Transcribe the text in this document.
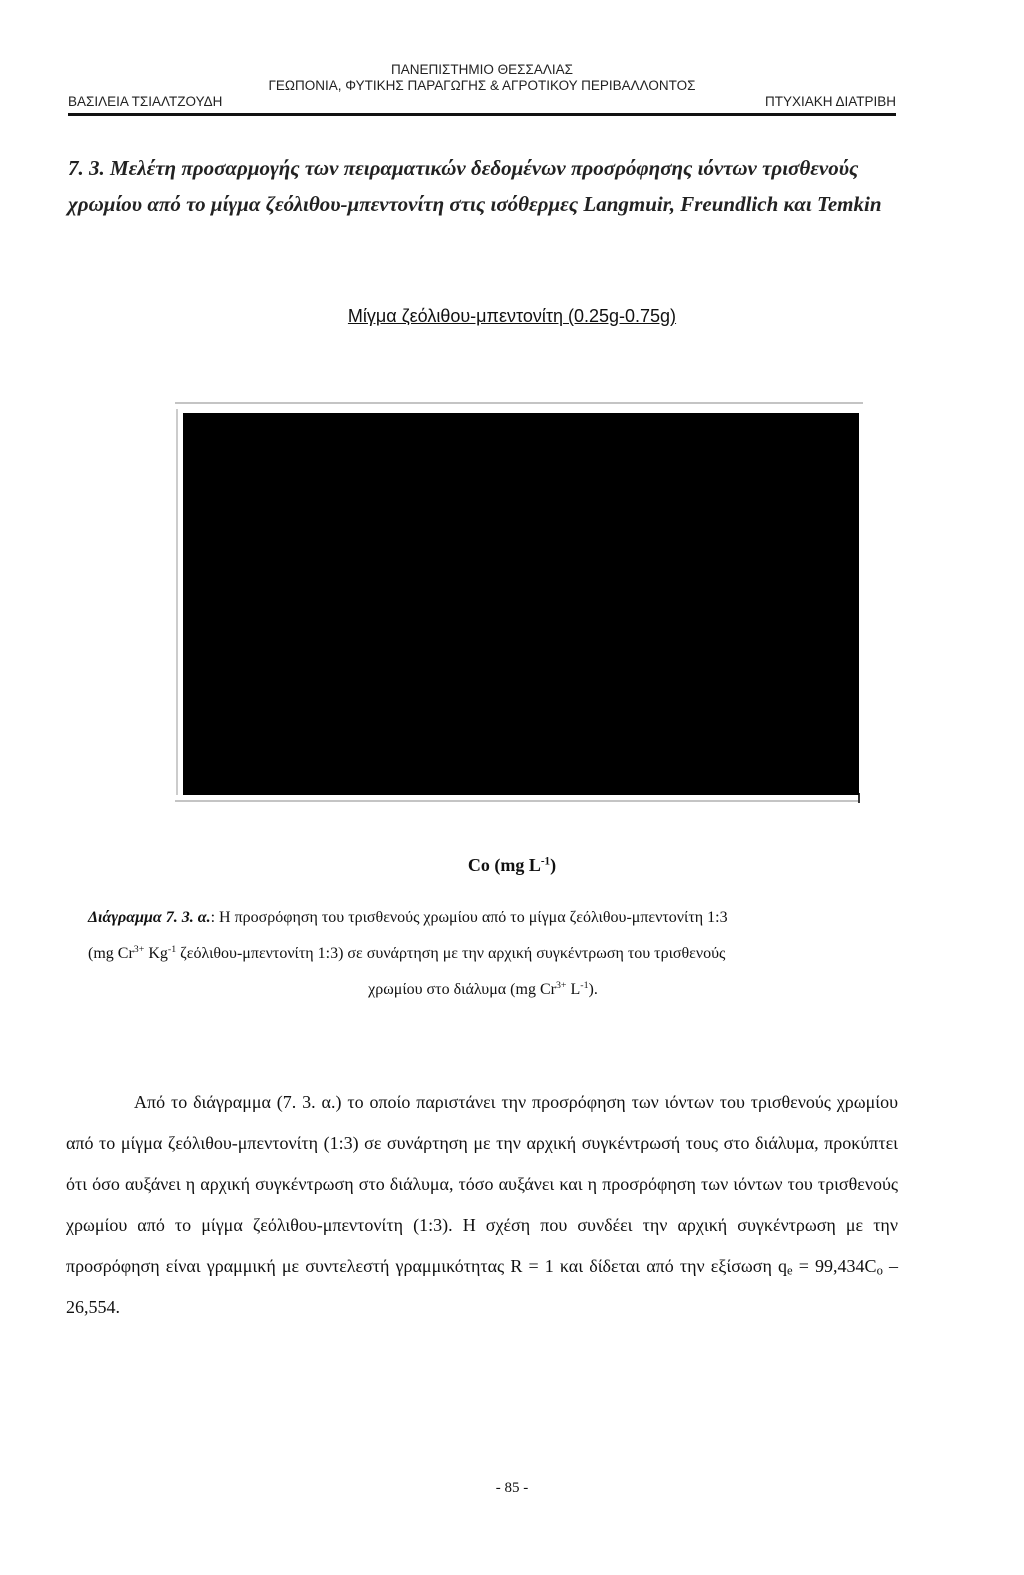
ΠΑΝΕΠΙΣΤΗΜΙΟ ΘΕΣΣΑΛΙΑΣ
ΓΕΩΠΟΝΙΑ, ΦΥΤΙΚΗΣ ΠΑΡΑΓΩΓΗΣ & ΑΓΡΟΤΙΚΟΥ ΠΕΡΙΒΑΛΛΟΝΤΟΣ
ΒΑΣΙΛΕΙΑ ΤΣΙΑΛΤΖΟΥΔΗ	ΠΤΥΧΙΑΚΗ ΔΙΑΤΡΙΒΗ
7. 3. Μελέτη προσαρμογής των πειραματικών δεδομένων προσρόφησης ιόντων τρισθενούς χρωμίου από το μίγμα ζεόλιθου-μπεντονίτη στις ισόθερμες Langmuir, Freundlich και Temkin
Μίγμα ζεόλιθου-μπεντονίτη (0.25g-0.75g)
Co (mg $L^{-1}$)
Διάγραμμα 7. 3. α.: Η προσρόφηση του τρισθενούς χρωμίου από το μίγμα ζεόλιθου-μπεντονίτη 1:3
(mg $Cr^{3+}$ $Kg^{-1}$ ζεόλιθου-μπεντονίτη 1:3) σε συνάρτηση με την αρχική συγκέντρωση του τρισθενούς
χρωμίου στο διάλυμα (mg $Cr^{3+}$ $L^{-1}$).
Από το διάγραμμα (7. 3. α.) το οποίο παριστάνει την προσρόφηση των ιόντων του τρισθενούς χρωμίου από το μίγμα ζεόλιθου-μπεντονίτη (1:3) σε συνάρτηση με την αρχική συγκέντρωσή τους στο διάλυμα, προκύπτει ότι όσο αυξάνει η αρχική συγκέντρωση στο διάλυμα, τόσο αυξάνει και η προσρόφηση των ιόντων του τρισθενούς χρωμίου από το μίγμα ζεόλιθου-μπεντονίτη (1:3). Η σχέση που συνδέει την αρχική συγκέντρωση με την προσρόφηση είναι γραμμική με συντελεστή γραμμικότητας R = 1 και δίδεται από την εξίσωση $q_e = 99,434C_o - 26,554$.
- 85 -
